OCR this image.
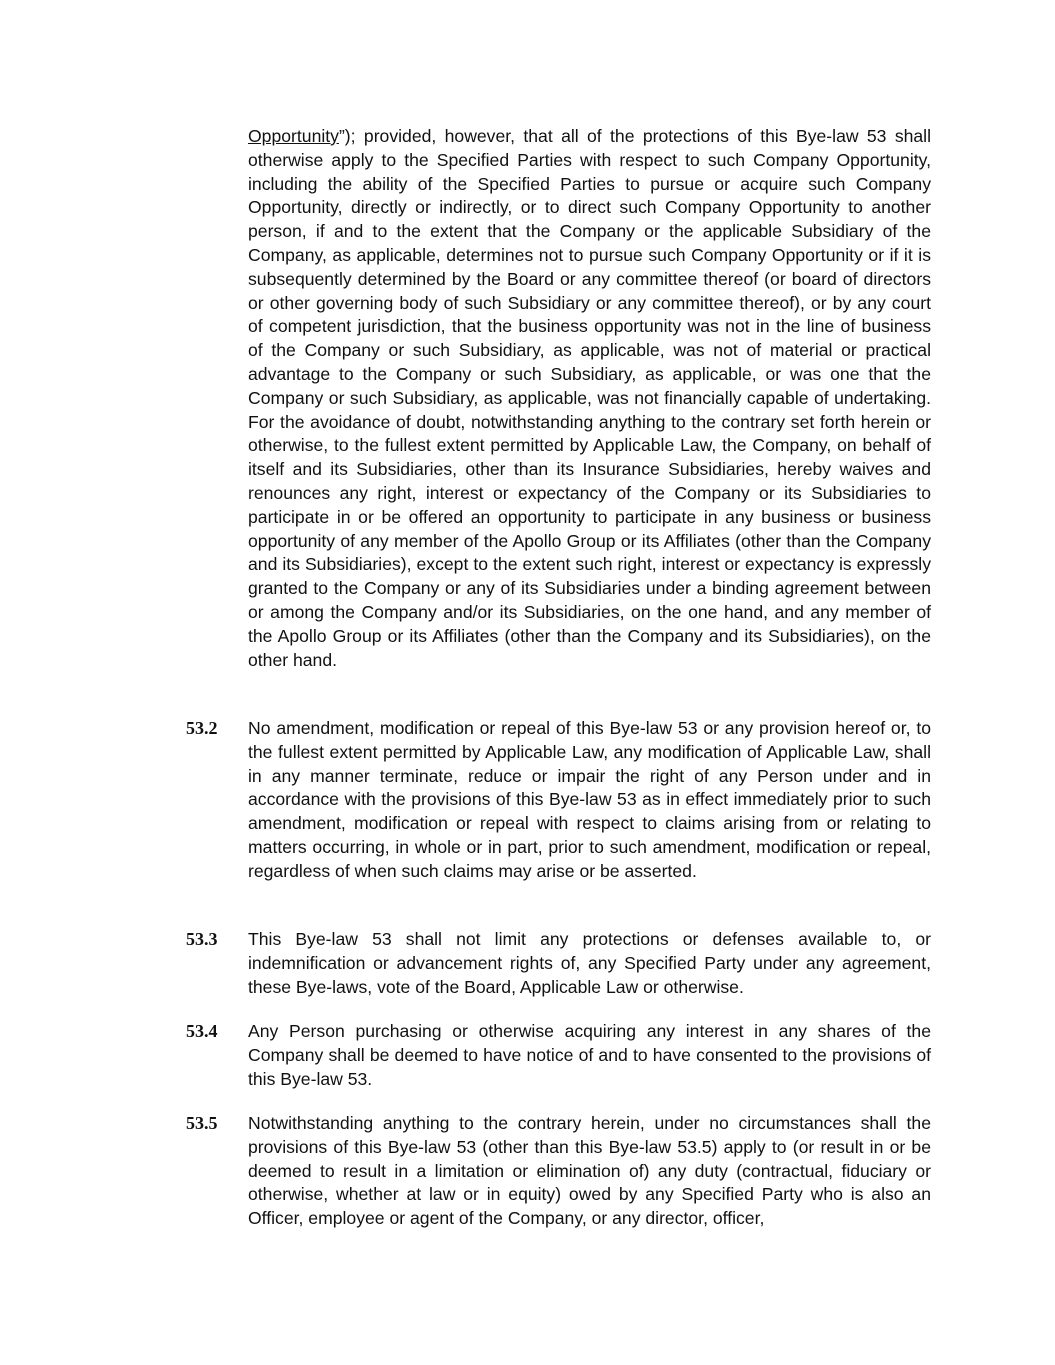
Opportunity”); provided, however, that all of the protections of this Bye-law 53 shall otherwise apply to the Specified Parties with respect to such Company Opportunity, including the ability of the Specified Parties to pursue or acquire such Company Opportunity, directly or indirectly, or to direct such Company Opportunity to another person, if and to the extent that the Company or the applicable Subsidiary of the Company, as applicable, determines not to pursue such Company Opportunity or if it is subsequently determined by the Board or any committee thereof (or board of directors or other governing body of such Subsidiary or any committee thereof), or by any court of competent jurisdiction, that the business opportunity was not in the line of business of the Company or such Subsidiary, as applicable, was not of material or practical advantage to the Company or such Subsidiary, as applicable, or was one that the Company or such Subsidiary, as applicable, was not financially capable of undertaking. For the avoidance of doubt, notwithstanding anything to the contrary set forth herein or otherwise, to the fullest extent permitted by Applicable Law, the Company, on behalf of itself and its Subsidiaries, other than its Insurance Subsidiaries, hereby waives and renounces any right, interest or expectancy of the Company or its Subsidiaries to participate in or be offered an opportunity to participate in any business or business opportunity of any member of the Apollo Group or its Affiliates (other than the Company and its Subsidiaries), except to the extent such right, interest or expectancy is expressly granted to the Company or any of its Subsidiaries under a binding agreement between or among the Company and/or its Subsidiaries, on the one hand, and any member of the Apollo Group or its Affiliates (other than the Company and its Subsidiaries), on the other hand.

53.2 No amendment, modification or repeal of this Bye-law 53 or any provision hereof or, to the fullest extent permitted by Applicable Law, any modification of Applicable Law, shall in any manner terminate, reduce or impair the right of any Person under and in accordance with the provisions of this Bye-law 53 as in effect immediately prior to such amendment, modification or repeal with respect to claims arising from or relating to matters occurring, in whole or in part, prior to such amendment, modification or repeal, regardless of when such claims may arise or be asserted.

53.3 This Bye-law 53 shall not limit any protections or defenses available to, or indemnification or advancement rights of, any Specified Party under any agreement, these Bye-laws, vote of the Board, Applicable Law or otherwise.

53.4 Any Person purchasing or otherwise acquiring any interest in any shares of the Company shall be deemed to have notice of and to have consented to the provisions of this Bye-law 53.

53.5 Notwithstanding anything to the contrary herein, under no circumstances shall the provisions of this Bye-law 53 (other than this Bye-law 53.5) apply to (or result in or be deemed to result in a limitation or elimination of) any duty (contractual, fiduciary or otherwise, whether at law or in equity) owed by any Specified Party who is also an Officer, employee or agent of the Company, or any director, officer,
